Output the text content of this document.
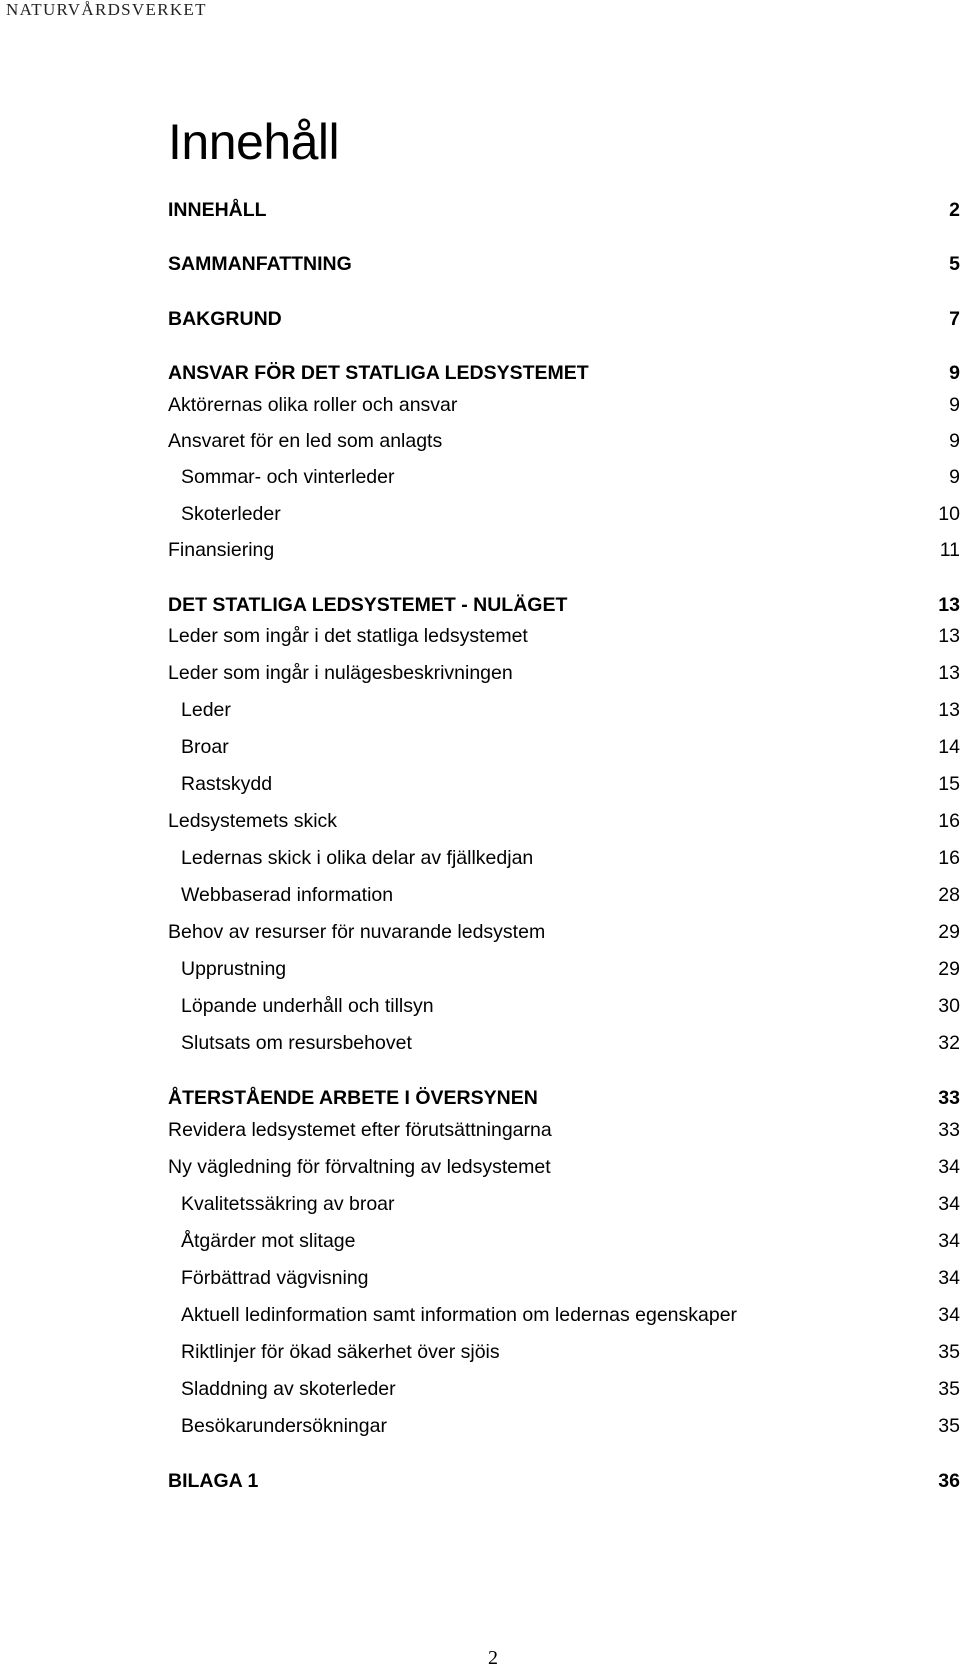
NATURVÅRDSVERKET
Innehåll
INNEHÅLL	2
SAMMANFATTNING	5
BAKGRUND	7
ANSVAR FÖR DET STATLIGA LEDSYSTEMET	9
Aktörernas olika roller och ansvar	9
Ansvaret för en led som anlagts	9
Sommar- och vinterleder	9
Skoterleder	10
Finansiering	11
DET STATLIGA LEDSYSTEMET - NULÄGET	13
Leder som ingår i det statliga ledsystemet	13
Leder som ingår i nulägesbeskrivningen	13
Leder	13
Broar	14
Rastskydd	15
Ledsystemets skick	16
Ledernas skick i olika delar av fjällkedjan	16
Webbaserad information	28
Behov av resurser för nuvarande ledsystem	29
Upprustning	29
Löpande underhåll och tillsyn	30
Slutsats om resursbehovet	32
ÅTERSTÅENDE ARBETE I ÖVERSYNEN	33
Revidera ledsystemet efter förutsättningarna	33
Ny vägledning för förvaltning av ledsystemet	34
Kvalitetssäkring av broar	34
Åtgärder mot slitage	34
Förbättrad vägvisning	34
Aktuell ledinformation samt information om ledernas egenskaper	34
Riktlinjer för ökad säkerhet över sjöis	35
Sladdning av skoterleder	35
Besökarundersökningar	35
BILAGA 1	36
2
